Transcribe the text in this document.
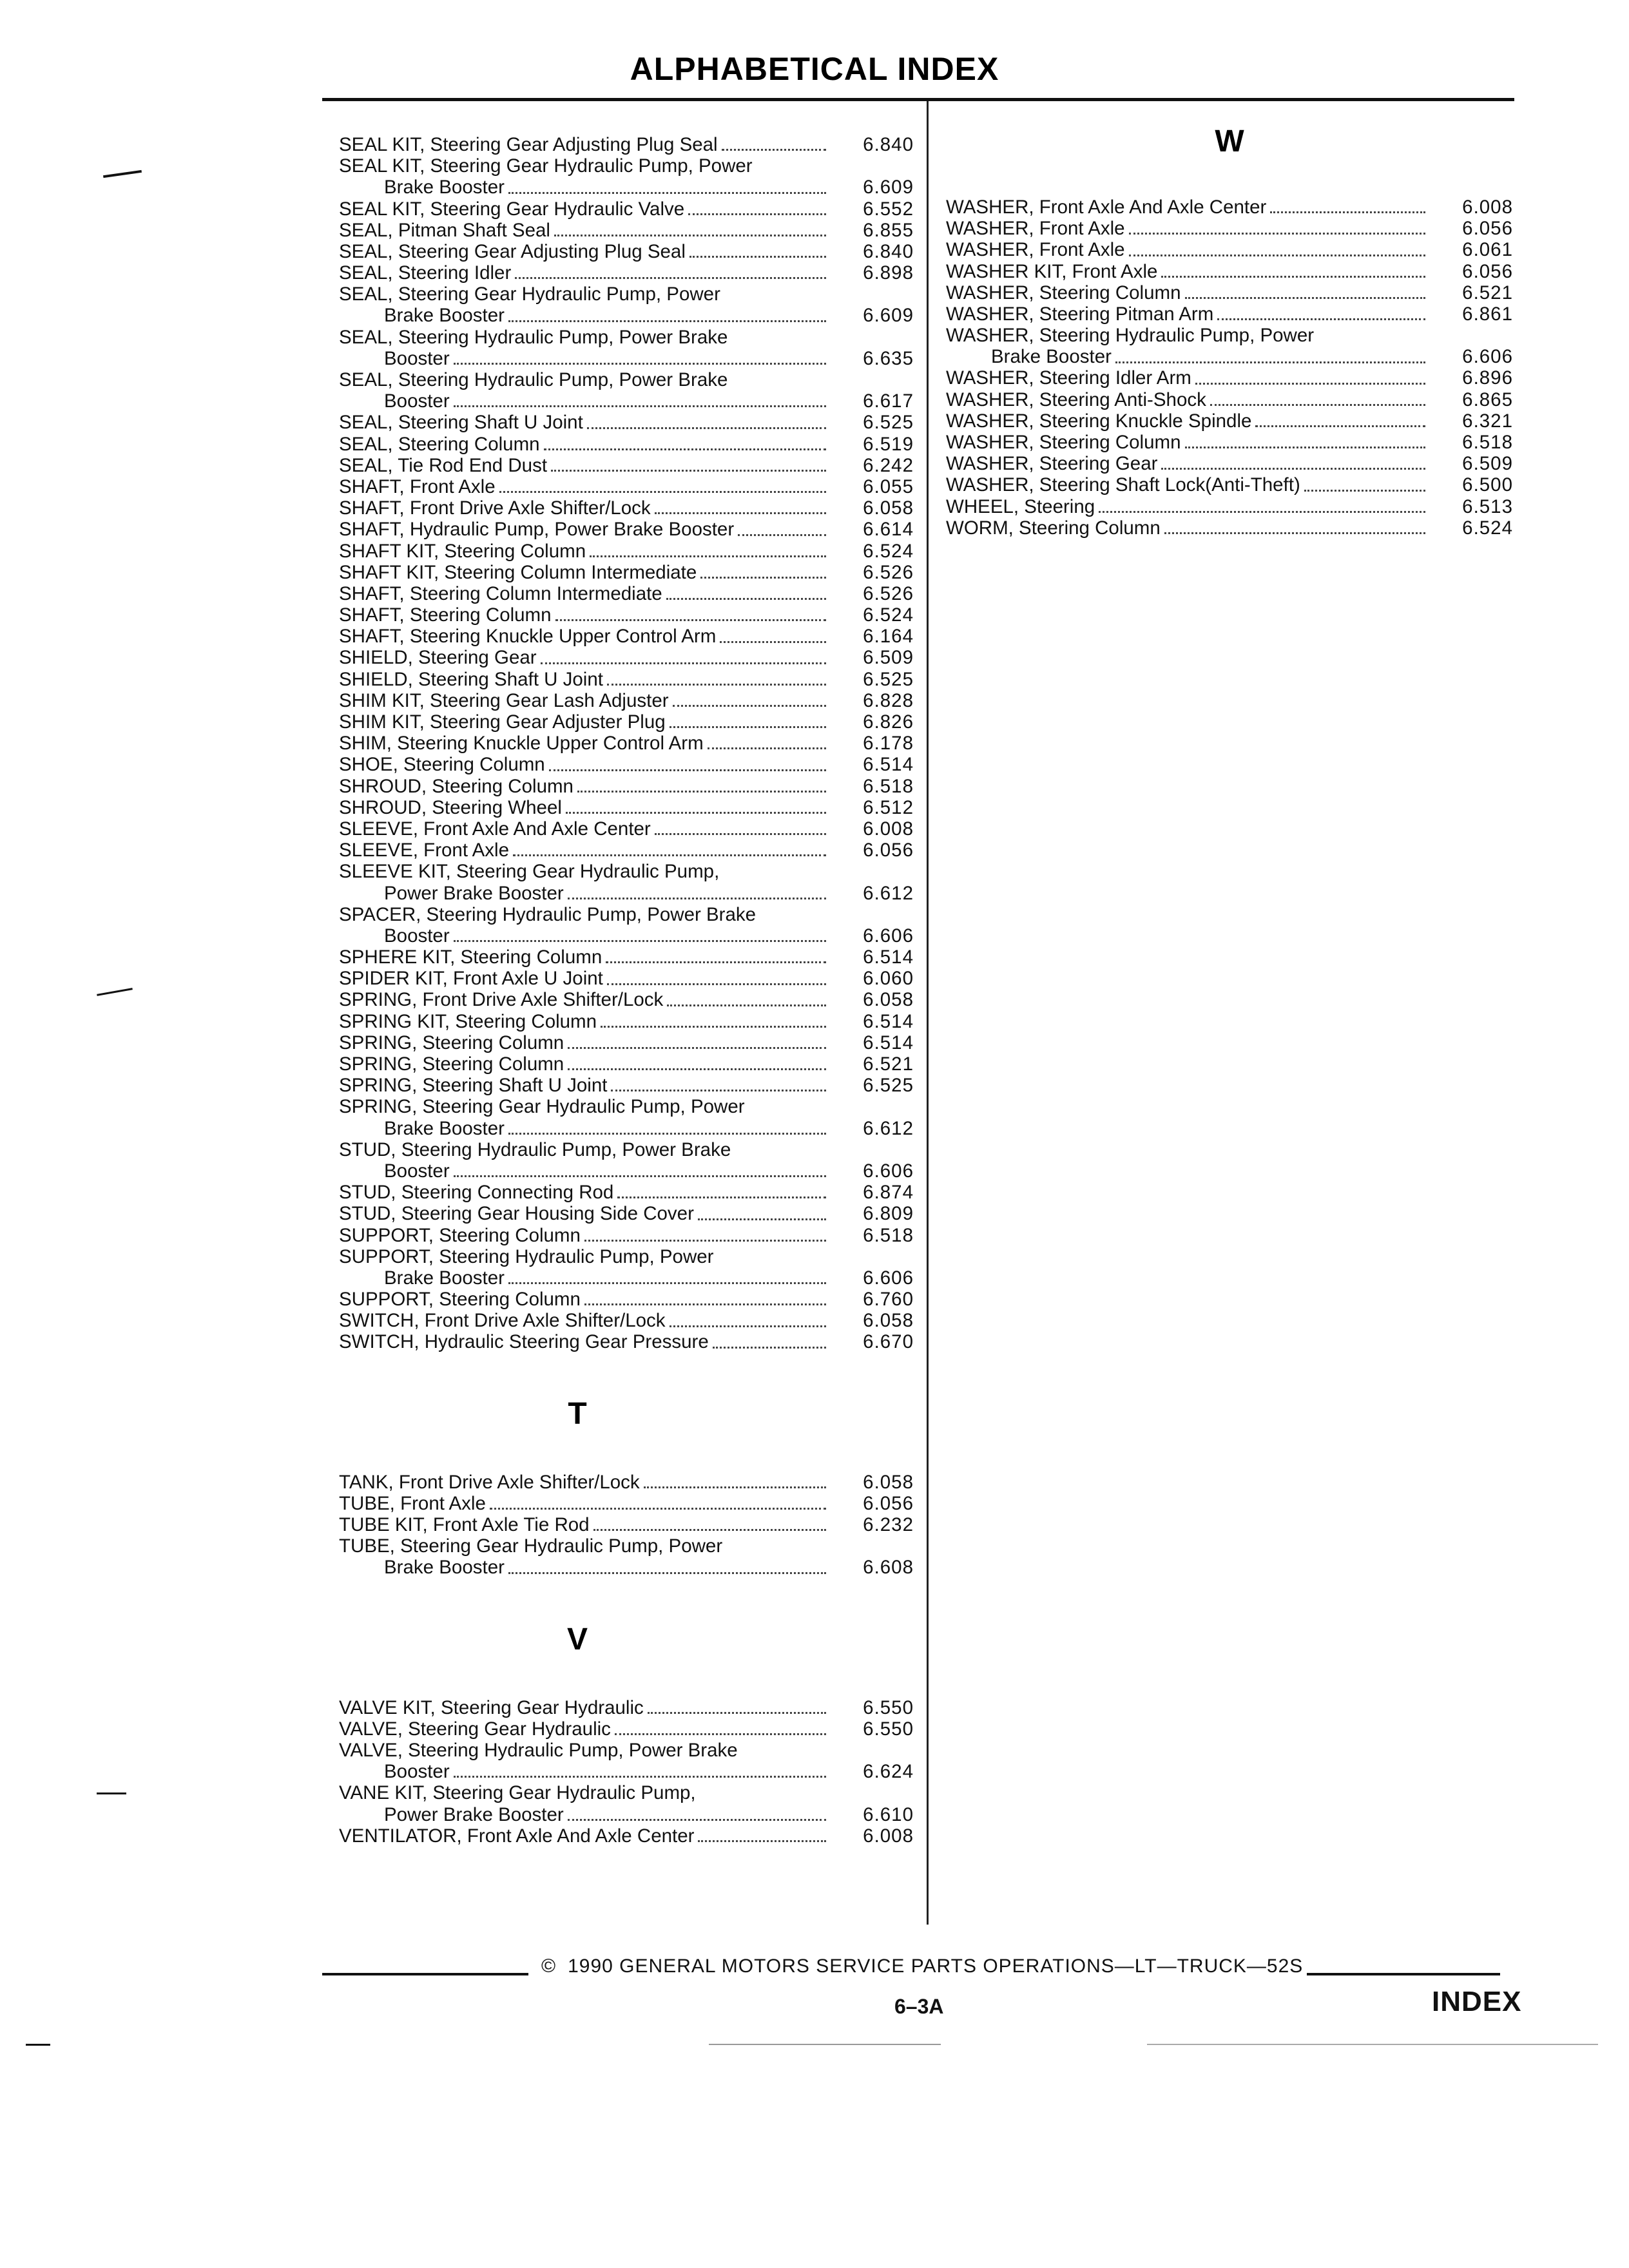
ALPHABETICAL INDEX
W
SEAL KIT, Steering Gear Adjusting Plug Seal	6.840
SEAL KIT, Steering Gear Hydraulic Pump, Power
Brake Booster	6.609
SEAL KIT, Steering Gear Hydraulic Valve	6.552
SEAL, Pitman Shaft Seal	6.855
SEAL, Steering Gear Adjusting Plug Seal	6.840
SEAL, Steering Idler	6.898
SEAL, Steering Gear Hydraulic Pump, Power
Brake Booster	6.609
SEAL, Steering Hydraulic Pump, Power Brake
Booster	6.635
SEAL, Steering Hydraulic Pump, Power Brake
Booster	6.617
SEAL, Steering Shaft U Joint	6.525
SEAL, Steering Column	6.519
SEAL, Tie Rod End Dust	6.242
SHAFT, Front Axle	6.055
SHAFT, Front Drive Axle Shifter/Lock	6.058
SHAFT, Hydraulic Pump, Power Brake Booster	6.614
SHAFT KIT, Steering Column	6.524
SHAFT KIT, Steering Column Intermediate	6.526
SHAFT, Steering Column Intermediate	6.526
SHAFT, Steering Column	6.524
SHAFT, Steering Knuckle Upper Control Arm	6.164
SHIELD, Steering Gear	6.509
SHIELD, Steering Shaft U Joint	6.525
SHIM KIT, Steering Gear Lash Adjuster	6.828
SHIM KIT, Steering Gear Adjuster Plug	6.826
SHIM, Steering Knuckle Upper Control Arm	6.178
SHOE, Steering Column	6.514
SHROUD, Steering Column	6.518
SHROUD, Steering Wheel	6.512
SLEEVE, Front Axle And Axle Center	6.008
SLEEVE, Front Axle	6.056
SLEEVE KIT, Steering Gear Hydraulic Pump,
Power Brake Booster	6.612
SPACER, Steering Hydraulic Pump, Power Brake
Booster	6.606
SPHERE KIT, Steering Column	6.514
SPIDER KIT, Front Axle U Joint	6.060
SPRING, Front Drive Axle Shifter/Lock	6.058
SPRING KIT, Steering Column	6.514
SPRING, Steering Column	6.514
SPRING, Steering Column	6.521
SPRING, Steering Shaft U Joint	6.525
SPRING, Steering Gear Hydraulic Pump, Power
Brake Booster	6.612
STUD, Steering Hydraulic Pump, Power Brake
Booster	6.606
STUD, Steering Connecting Rod	6.874
STUD, Steering Gear Housing Side Cover	6.809
SUPPORT, Steering Column	6.518
SUPPORT, Steering Hydraulic Pump, Power
Brake Booster	6.606
SUPPORT, Steering Column	6.760
SWITCH, Front Drive Axle Shifter/Lock	6.058
SWITCH, Hydraulic Steering Gear Pressure	6.670
T
TANK, Front Drive Axle Shifter/Lock	6.058
TUBE, Front Axle	6.056
TUBE KIT, Front Axle Tie Rod	6.232
TUBE, Steering Gear Hydraulic Pump, Power
Brake Booster	6.608
V
VALVE KIT, Steering Gear Hydraulic	6.550
VALVE, Steering Gear Hydraulic	6.550
VALVE, Steering Hydraulic Pump, Power Brake
Booster	6.624
VANE KIT, Steering Gear Hydraulic Pump,
Power Brake Booster	6.610
VENTILATOR, Front Axle And Axle Center	6.008
WASHER, Front Axle And Axle Center	6.008
WASHER, Front Axle	6.056
WASHER, Front Axle	6.061
WASHER KIT, Front Axle	6.056
WASHER, Steering Column	6.521
WASHER, Steering Pitman Arm	6.861
WASHER, Steering Hydraulic Pump, Power
Brake Booster	6.606
WASHER, Steering Idler Arm	6.896
WASHER, Steering Anti-Shock	6.865
WASHER, Steering Knuckle Spindle	6.321
WASHER, Steering Column	6.518
WASHER, Steering Gear	6.509
WASHER, Steering Shaft Lock(Anti-Theft)	6.500
WHEEL, Steering	6.513
WORM, Steering Column	6.524
© 1990 GENERAL MOTORS SERVICE PARTS OPERATIONS—LT—TRUCK—52S
6–3A	INDEX
